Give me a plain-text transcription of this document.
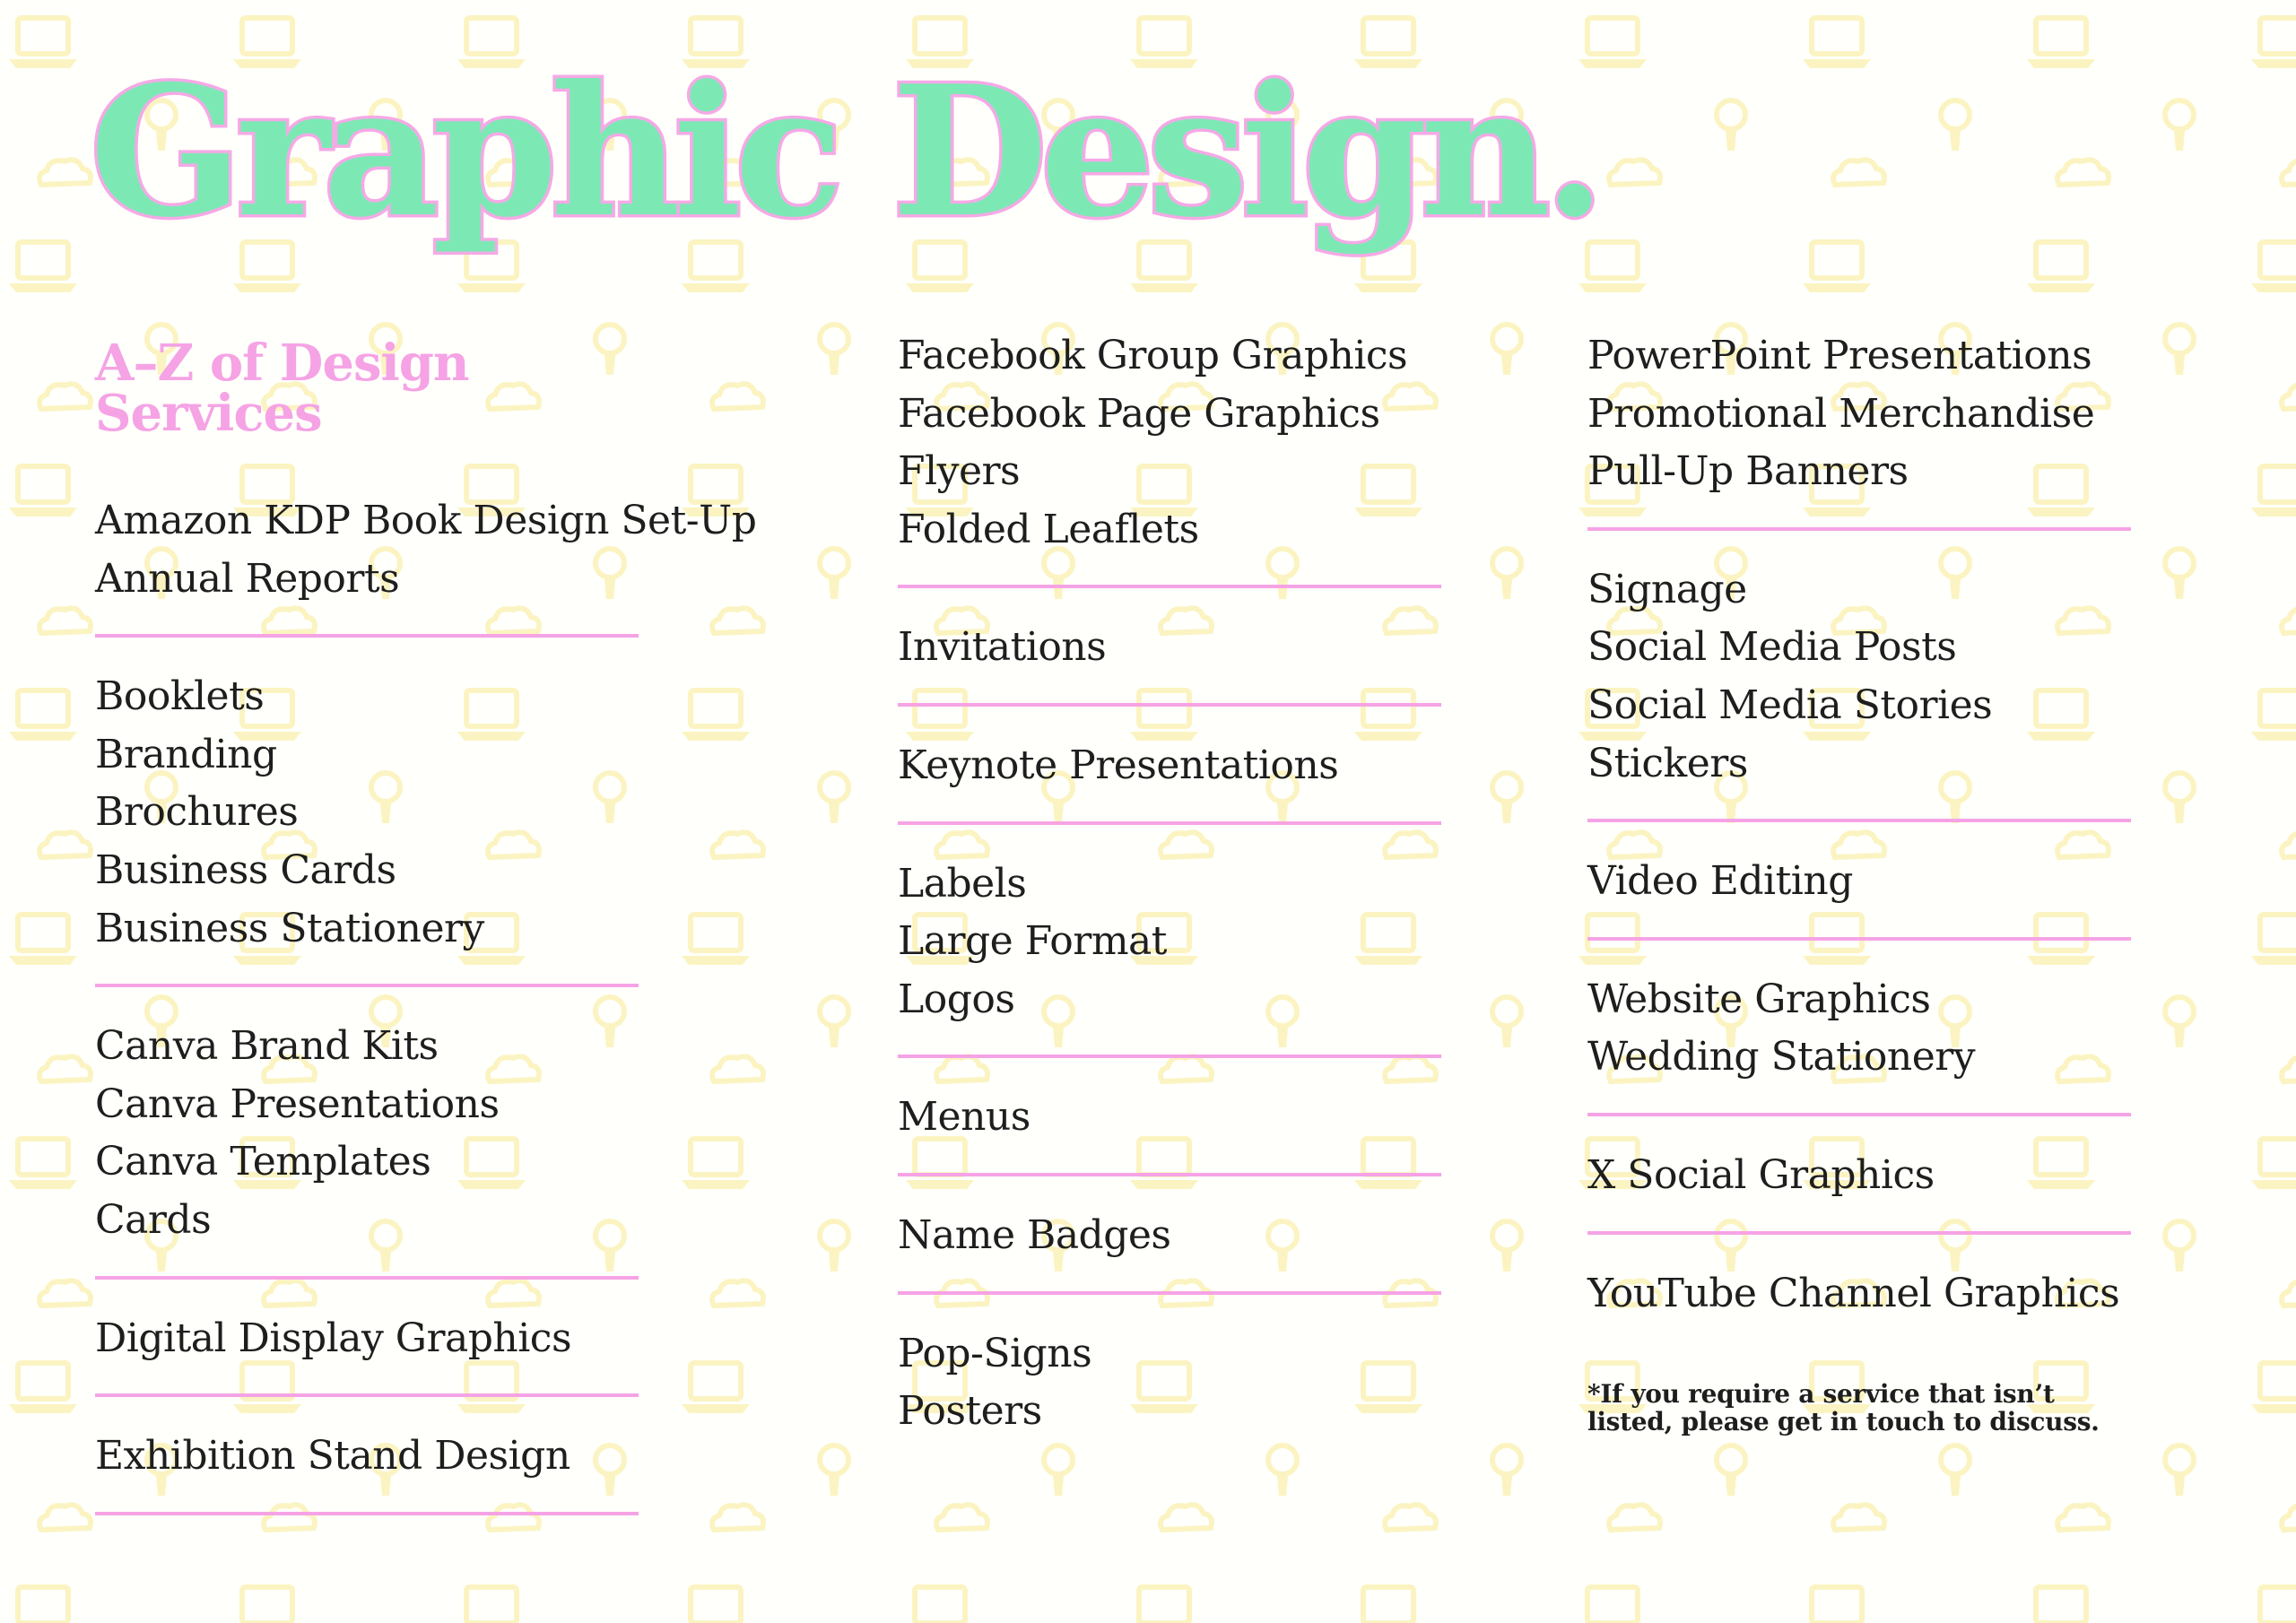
Graphic Design.
A–Z of Design Services
Amazon KDP Book Design Set-Up
Annual Reports
Booklets
Branding
Brochures
Business Cards
Business Stationery
Canva Brand Kits
Canva Presentations
Canva Templates
Cards
Digital Display Graphics
Exhibition Stand Design
Facebook Group Graphics
Facebook Page Graphics
Flyers
Folded Leaflets
Invitations
Keynote Presentations
Labels
Large Format
Logos
Menus
Name Badges
Pop-Signs
Posters
PowerPoint Presentations
Promotional Merchandise
Pull-Up Banners
Signage
Social Media Posts
Social Media Stories
Stickers
Video Editing
Website Graphics
Wedding Stationery
X Social Graphics
YouTube Channel Graphics
*If you require a service that isn’t listed, please get in touch to discuss.
